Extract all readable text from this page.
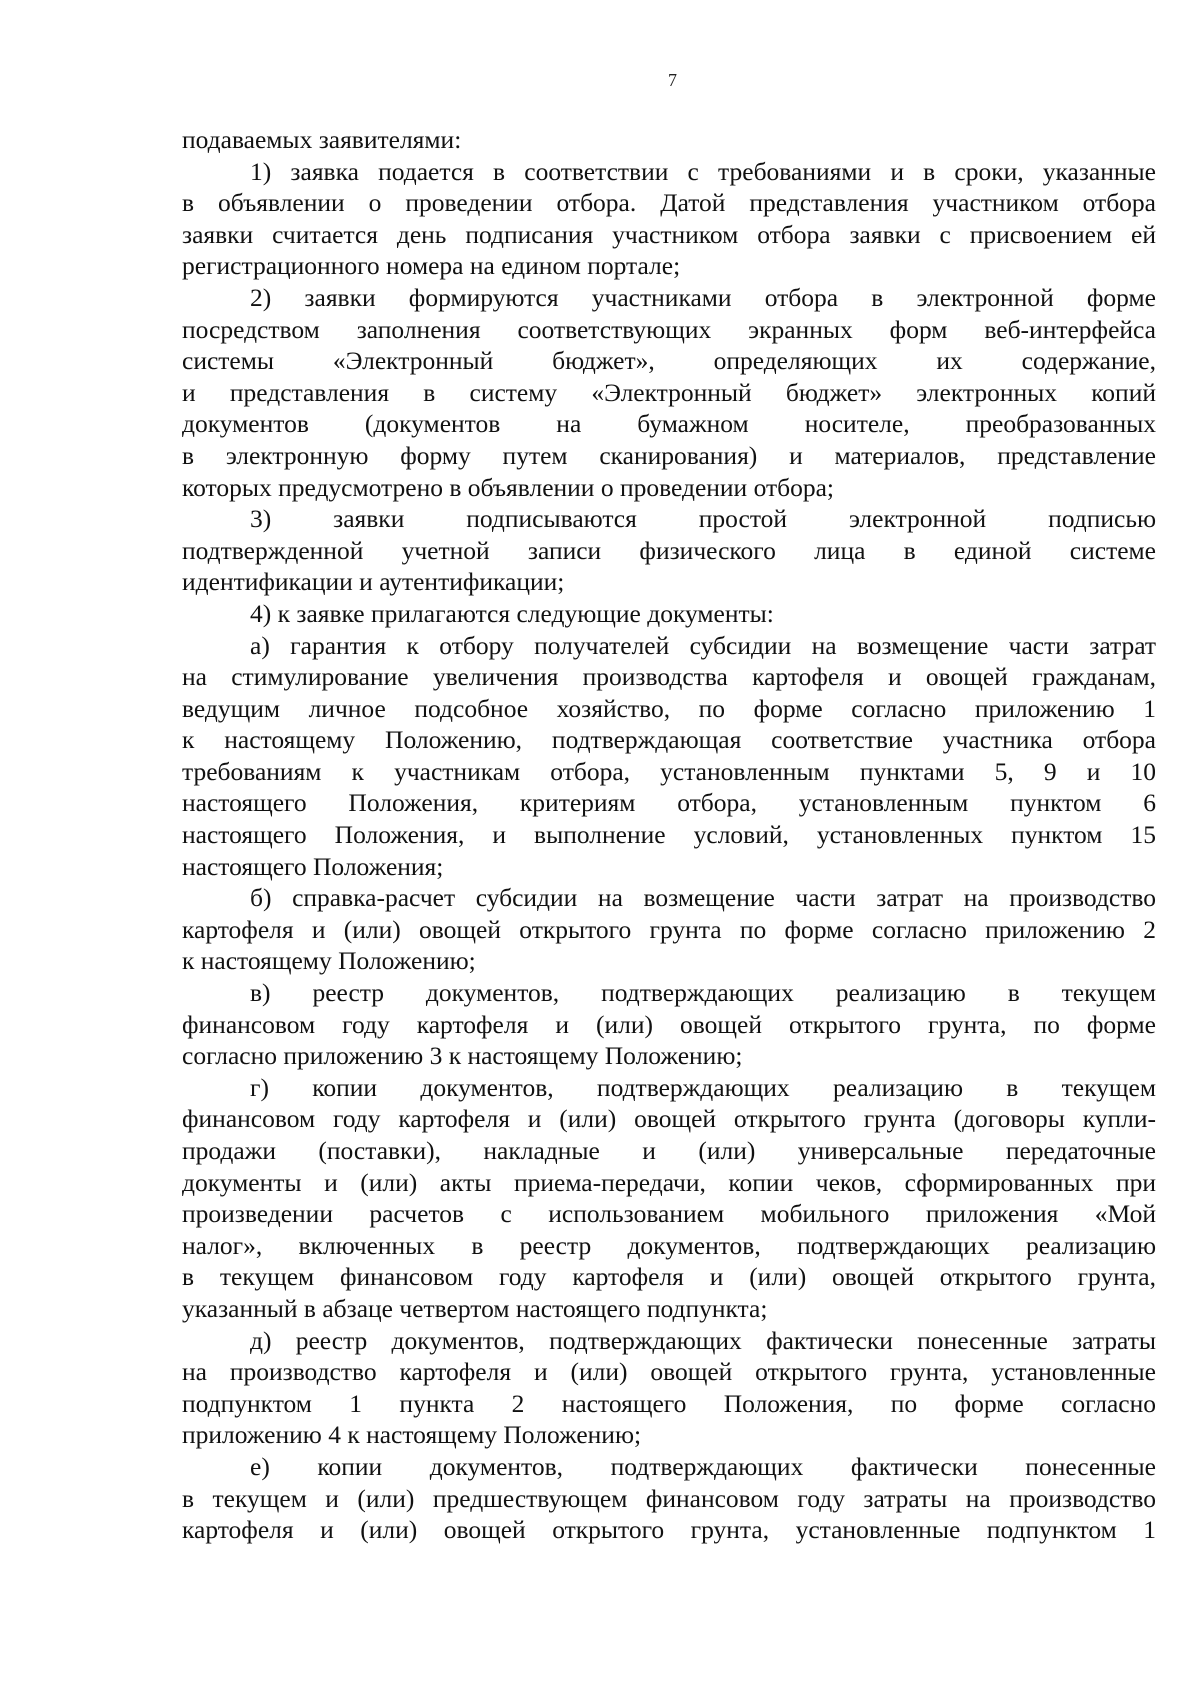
7
подаваемых заявителями:
1) заявка подается в соответствии с требованиями и в сроки, указанные
в объявлении о проведении отбора. Датой представления участником отбора
заявки считается день подписания участником отбора заявки с присвоением ей
регистрационного номера на едином портале;
2) заявки формируются участниками отбора в электронной форме
посредством заполнения соответствующих экранных форм веб-интерфейса
системы «Электронный бюджет», определяющих их содержание,
и представления в систему «Электронный бюджет» электронных копий
документов (документов на бумажном носителе, преобразованных
в электронную форму путем сканирования) и материалов, представление
которых предусмотрено в объявлении о проведении отбора;
3) заявки подписываются простой электронной подписью
подтвержденной учетной записи физического лица в единой системе
идентификации и аутентификации;
4) к заявке прилагаются следующие документы:
а) гарантия к отбору получателей субсидии на возмещение части затрат
на стимулирование увеличения производства картофеля и овощей гражданам,
ведущим личное подсобное хозяйство, по форме согласно приложению 1
к настоящему Положению, подтверждающая соответствие участника отбора
требованиям к участникам отбора, установленным пунктами 5, 9 и 10
настоящего Положения, критериям отбора, установленным пунктом 6
настоящего Положения, и выполнение условий, установленных пунктом 15
настоящего Положения;
б) справка-расчет субсидии на возмещение части затрат на производство
картофеля и (или) овощей открытого грунта по форме согласно приложению 2
к настоящему Положению;
в) реестр документов, подтверждающих реализацию в текущем
финансовом году картофеля и (или) овощей открытого грунта, по форме
согласно приложению 3 к настоящему Положению;
г) копии документов, подтверждающих реализацию в текущем
финансовом году картофеля и (или) овощей открытого грунта (договоры купли-
продажи (поставки), накладные и (или) универсальные передаточные
документы и (или) акты приема-передачи, копии чеков, сформированных при
произведении расчетов с использованием мобильного приложения «Мой
налог», включенных в реестр документов, подтверждающих реализацию
в текущем финансовом году картофеля и (или) овощей открытого грунта,
указанный в абзаце четвертом настоящего подпункта;
д) реестр документов, подтверждающих фактически понесенные затраты
на производство картофеля и (или) овощей открытого грунта, установленные
подпунктом 1 пункта 2 настоящего Положения, по форме согласно
приложению 4 к настоящему Положению;
е) копии документов, подтверждающих фактически понесенные
в текущем и (или) предшествующем финансовом году затраты на производство
картофеля и (или) овощей открытого грунта, установленные подпунктом 1
